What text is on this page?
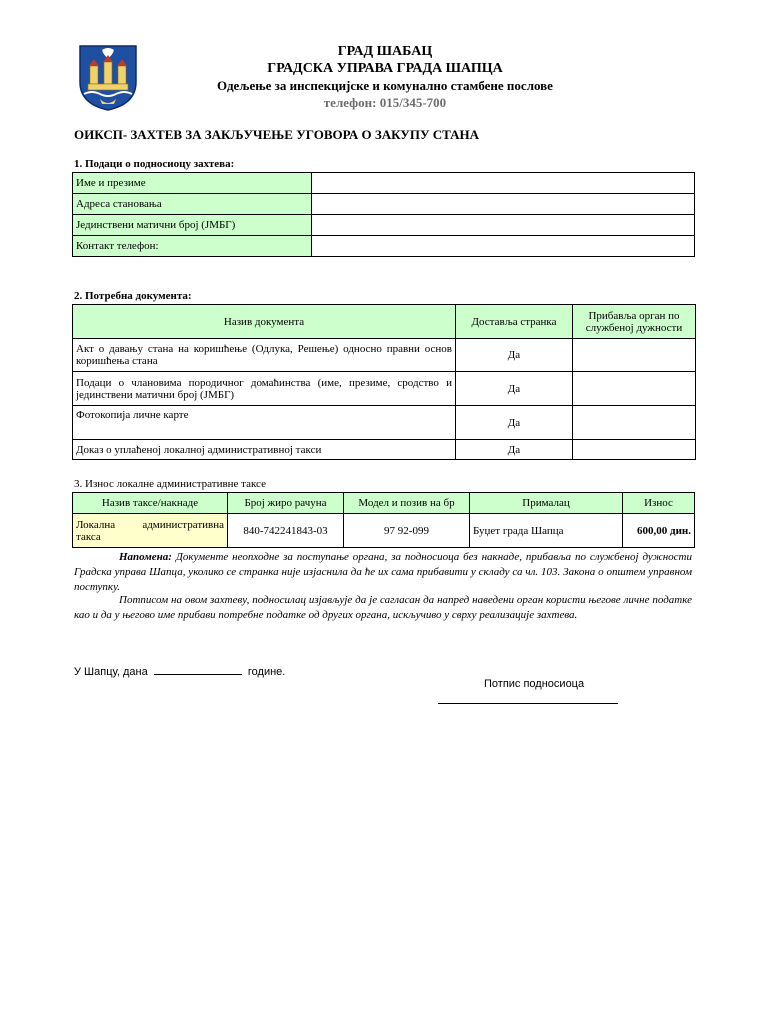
ГРАД ШАБАЦ
ГРАДСКА УПРАВА ГРАДА ШАПЦА
Одељење за инспекцијске и комунално стамбене послове
телефон: 015/345-700
ОИКСП- ЗАХТЕВ ЗА ЗАКЉУЧЕЊЕ УГОВОРА О ЗАКУПУ СТАНА
1. Подаци о подносиоцу захтева:
Име и презиме	
Адреса становања	
Јединствени матични број (ЈМБГ)	
Контакт телефон:	
2. Потребна документа:
Назив документа	Доставља странка	Прибавља орган по службеној дужности
Акт о давању стана на коришћење (Одлука, Решење) односно правни основ коришћења стана	Да	
Подаци о члановима породичног домаћинства (име, презиме, сродство и јединствени матични број (ЈМБГ)	Да	
Фотокопија личне карте	Да	
Доказ о уплаћеној локалној административној такси	Да	
3. Износ локалне административне таксе
Назив таксе/накнаде	Број жиро рачуна	Модел и позив на бр	Прималац	Износ
Локална административна такса	840-742241843-03	97 92-099	Буџет града Шапца	600,00 дин.
Напомена: Документе неопходне за поступање органа, за подносиоца без накнаде, прибавља по службеној дужности Градска управа Шапца, уколико се странка није изјаснила да ће их сама прибавити у складу са чл. 103. Закона о општем управном поступку.
Потписом на овом захтеву, подносилац изјављује да је сагласан да напред наведени орган користи његове личне податке као и да у његово име прибави потребне податке од других органа, искључиво у сврху реализације захтева.
У Шапцу, дана	године.
Потпис подносиоца
